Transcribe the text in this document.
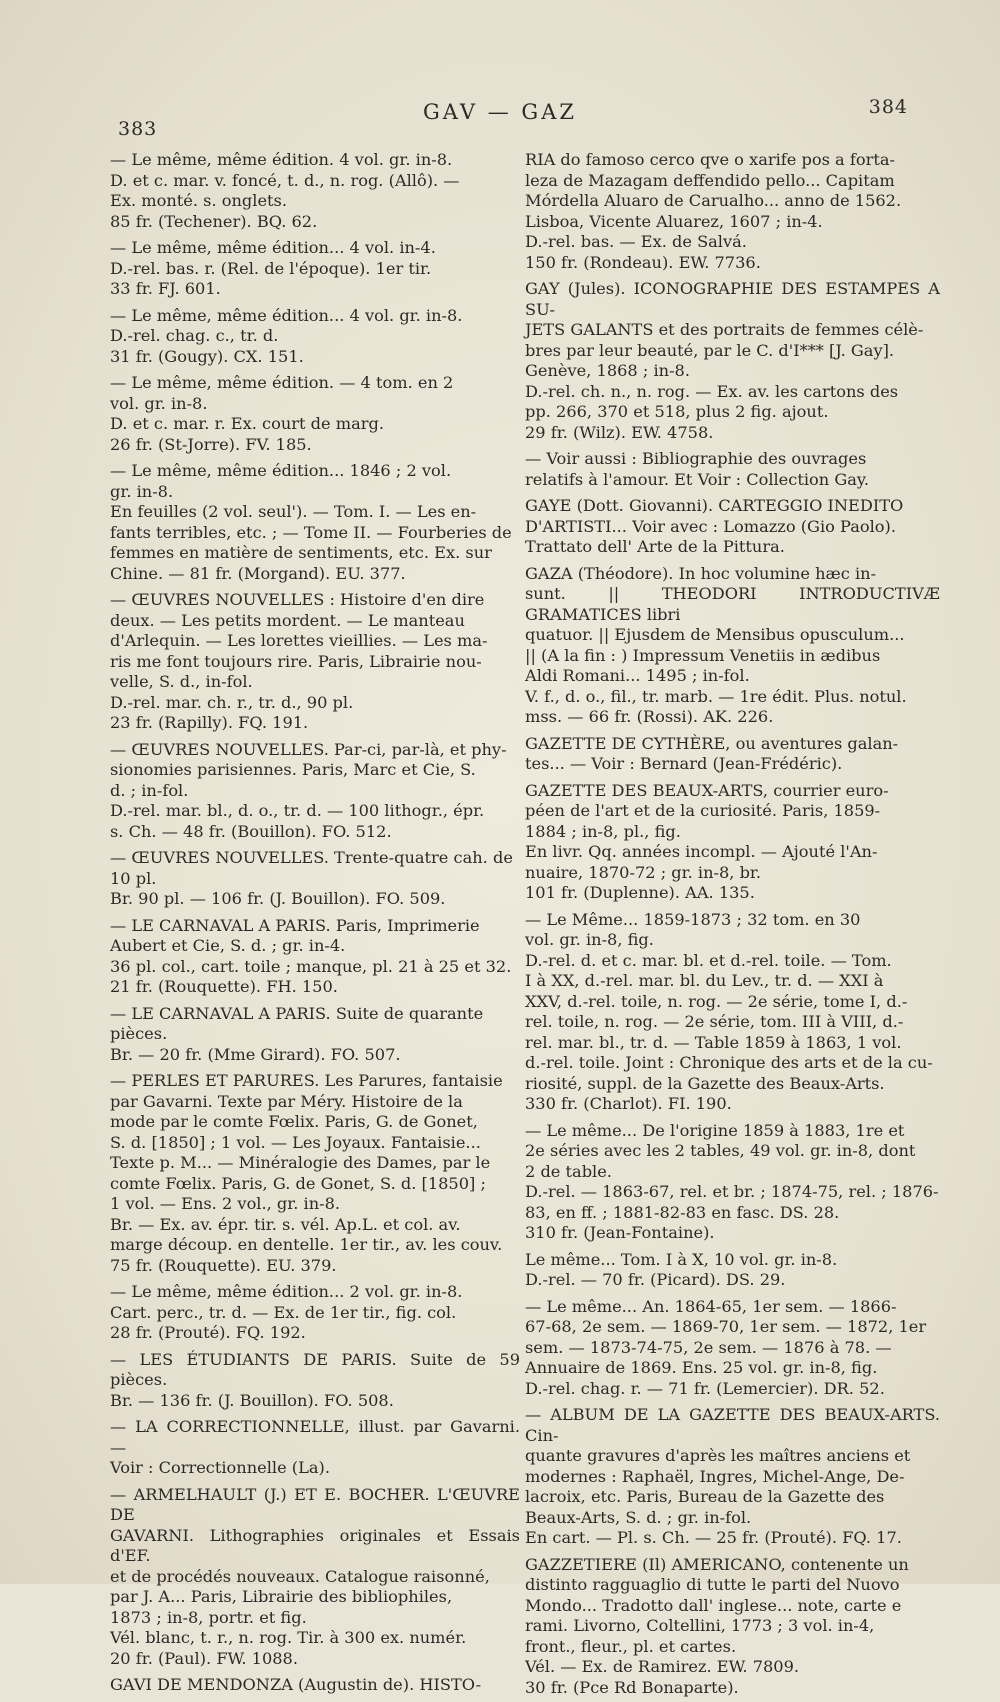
383
GAV — GAZ	384

— Le même, même édition. 4 vol. gr. in-8.
D. et c. mar. v. foncé, t. d., n. rog. (Allô). —
Ex. monté. s. onglets.
85 fr. (Techener). BQ. 62.

— Le même, même édition... 4 vol. in-4.
D.-rel. bas. r. (Rel. de l'époque). 1er tir.
33 fr. FJ. 601.

— Le même, même édition... 4 vol. gr. in-8.
D.-rel. chag. c., tr. d.
31 fr. (Gougy). CX. 151.

— Le même, même édition. — 4 tom. en 2
vol. gr. in-8.
D. et c. mar. r. Ex. court de marg.
26 fr. (St-Jorre). FV. 185.

— Le même, même édition... 1846 ; 2 vol.
gr. in-8.
En feuilles (2 vol. seul'). — Tom. I. — Les en-
fants terribles, etc. ; — Tome II. — Fourberies de
femmes en matière de sentiments, etc. Ex. sur
Chine. — 81 fr. (Morgand). EU. 377.

— ŒUVRES NOUVELLES : Histoire d'en dire
deux. — Les petits mordent. — Le manteau
d'Arlequin. — Les lorettes vieillies. — Les ma-
ris me font toujours rire. Paris, Librairie nou-
velle, S. d., in-fol.
D.-rel. mar. ch. r., tr. d., 90 pl.
23 fr. (Rapilly). FQ. 191.

— ŒUVRES NOUVELLES. Par-ci, par-là, et phy-
sionomies parisiennes. Paris, Marc et Cie, S.
d. ; in-fol.
D.-rel. mar. bl., d. o., tr. d. — 100 lithogr., épr.
s. Ch. — 48 fr. (Bouillon). FO. 512.

— ŒUVRES NOUVELLES. Trente-quatre cah. de
10 pl.
Br. 90 pl. — 106 fr. (J. Bouillon). FO. 509.

— LE CARNAVAL A PARIS. Paris, Imprimerie
Aubert et Cie, S. d. ; gr. in-4.
36 pl. col., cart. toile ; manque, pl. 21 à 25 et 32.
21 fr. (Rouquette). FH. 150.

— LE CARNAVAL A PARIS. Suite de quarante
pièces.
Br. — 20 fr. (Mme Girard). FO. 507.

— PERLES ET PARURES. Les Parures, fantaisie
par Gavarni. Texte par Méry. Histoire de la
mode par le comte Fœlix. Paris, G. de Gonet,
S. d. [1850] ; 1 vol. — Les Joyaux. Fantaisie...
Texte p. M... — Minéralogie des Dames, par le
comte Fœlix. Paris, G. de Gonet, S. d. [1850] ;
1 vol. — Ens. 2 vol., gr. in-8.
Br. — Ex. av. épr. tir. s. vél. Ap.L. et col. av.
marge découp. en dentelle. 1er tir., av. les couv.
75 fr. (Rouquette). EU. 379.

— Le même, même édition... 2 vol. gr. in-8.
Cart. perc., tr. d. — Ex. de 1er tir., fig. col.
28 fr. (Prouté). FQ. 192.

— LES ÉTUDIANTS DE PARIS. Suite de 59 pièces.
Br. — 136 fr. (J. Bouillon). FO. 508.

— LA CORRECTIONNELLE, illust. par Gavarni. —
Voir : Correctionnelle (La).

— ARMELHAULT (J.) ET E. BOCHER. L'ŒUVRE DE
GAVARNI. Lithographies originales et Essais d'EF.
et de procédés nouveaux. Catalogue raisonné,
par J. A... Paris, Librairie des bibliophiles,
1873 ; in-8, portr. et fig.
Vél. blanc, t. r., n. rog. Tir. à 300 ex. numér.
20 fr. (Paul). FW. 1088.

GAVI DE MENDONZA (Augustin de). HISTO-

RIA do famoso cerco qve o xarife pos a forta-
leza de Mazagam deffendido pello... Capitam
Mórdella Aluaro de Carualho... anno de 1562.
Lisboa, Vicente Aluarez, 1607 ; in-4.
D.-rel. bas. — Ex. de Salvá.
150 fr. (Rondeau). EW. 7736.

GAY (Jules). ICONOGRAPHIE DES ESTAMPES A SU-
JETS GALANTS et des portraits de femmes célè-
bres par leur beauté, par le C. d'I*** [J. Gay].
Genève, 1868 ; in-8.
D.-rel. ch. n., n. rog. — Ex. av. les cartons des
pp. 266, 370 et 518, plus 2 fig. ajout.
29 fr. (Wilz). EW. 4758.

— Voir aussi : Bibliographie des ouvrages
relatifs à l'amour. Et Voir : Collection Gay.

GAYE (Dott. Giovanni). CARTEGGIO INEDITO
D'ARTISTI... Voir avec : Lomazzo (Gio Paolo).
Trattato dell' Arte de la Pittura.

GAZA (Théodore). In hoc volumine hæc in-
sunt. || THEODORI INTRODUCTIVÆ GRAMATICES libri
quatuor. || Ejusdem de Mensibus opusculum...
|| (A la fin : ) Impressum Venetiis in ædibus
Aldi Romani... 1495 ; in-fol.
V. f., d. o., fil., tr. marb. — 1re édit. Plus. notul.
mss. — 66 fr. (Rossi). AK. 226.

GAZETTE DE CYTHÈRE, ou aventures galan-
tes... — Voir : Bernard (Jean-Frédéric).

GAZETTE DES BEAUX-ARTS, courrier euro-
péen de l'art et de la curiosité. Paris, 1859-
1884 ; in-8, pl., fig.
En livr. Qq. années incompl. — Ajouté l'An-
nuaire, 1870-72 ; gr. in-8, br.
101 fr. (Duplenne). AA. 135.

— Le Même... 1859-1873 ; 32 tom. en 30
vol. gr. in-8, fig.
D.-rel. d. et c. mar. bl. et d.-rel. toile. — Tom.
I à XX, d.-rel. mar. bl. du Lev., tr. d. — XXI à
XXV, d.-rel. toile, n. rog. — 2e série, tome I, d.-
rel. toile, n. rog. — 2e série, tom. III à VIII, d.-
rel. mar. bl., tr. d. — Table 1859 à 1863, 1 vol.
d.-rel. toile. Joint : Chronique des arts et de la cu-
riosité, suppl. de la Gazette des Beaux-Arts.
330 fr. (Charlot). FI. 190.

— Le même... De l'origine 1859 à 1883, 1re et
2e séries avec les 2 tables, 49 vol. gr. in-8, dont
2 de table.
D.-rel. — 1863-67, rel. et br. ; 1874-75, rel. ; 1876-
83, en ff. ; 1881-82-83 en fasc. DS. 28.
310 fr. (Jean-Fontaine).

Le même... Tom. I à X, 10 vol. gr. in-8.
D.-rel. — 70 fr. (Picard). DS. 29.

— Le même... An. 1864-65, 1er sem. — 1866-
67-68, 2e sem. — 1869-70, 1er sem. — 1872, 1er
sem. — 1873-74-75, 2e sem. — 1876 à 78. —
Annuaire de 1869. Ens. 25 vol. gr. in-8, fig.
D.-rel. chag. r. — 71 fr. (Lemercier). DR. 52.

— ALBUM DE LA GAZETTE DES BEAUX-ARTS. Cin-
quante gravures d'après les maîtres anciens et
modernes : Raphaël, Ingres, Michel-Ange, De-
lacroix, etc. Paris, Bureau de la Gazette des
Beaux-Arts, S. d. ; gr. in-fol.
En cart. — Pl. s. Ch. — 25 fr. (Prouté). FQ. 17.

GAZZETIERE (Il) AMERICANO, contenente un
distinto ragguaglio di tutte le parti del Nuovo
Mondo... Tradotto dall' inglese... note, carte e
rami. Livorno, Coltellini, 1773 ; 3 vol. in-4,
front., fleur., pl. et cartes.
Vél. — Ex. de Ramirez. EW. 7809.
30 fr. (Pce Rd Bonaparte).
